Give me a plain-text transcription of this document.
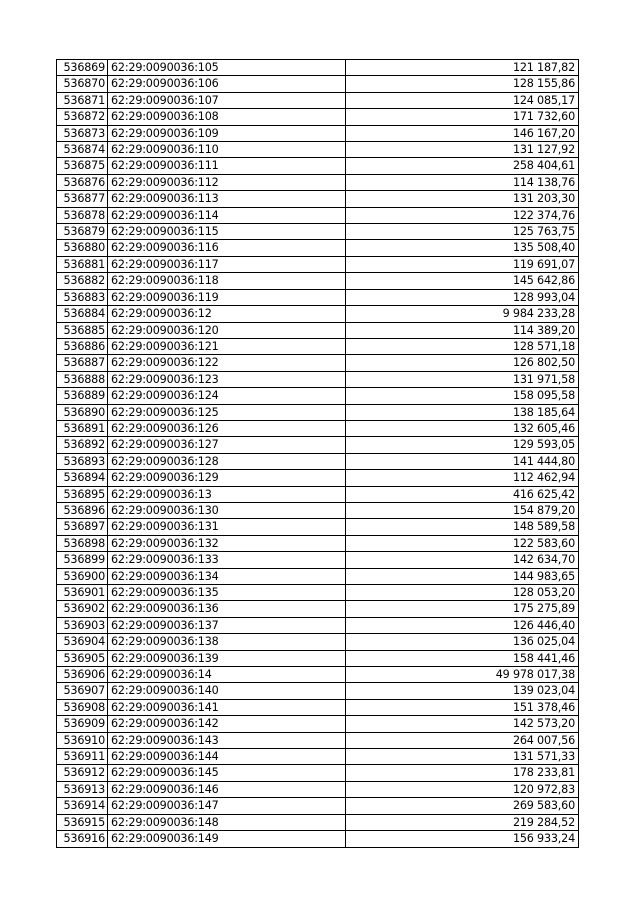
536869	62:29:0090036:105	121 187,82
536870	62:29:0090036:106	128 155,86
536871	62:29:0090036:107	124 085,17
536872	62:29:0090036:108	171 732,60
536873	62:29:0090036:109	146 167,20
536874	62:29:0090036:110	131 127,92
536875	62:29:0090036:111	258 404,61
536876	62:29:0090036:112	114 138,76
536877	62:29:0090036:113	131 203,30
536878	62:29:0090036:114	122 374,76
536879	62:29:0090036:115	125 763,75
536880	62:29:0090036:116	135 508,40
536881	62:29:0090036:117	119 691,07
536882	62:29:0090036:118	145 642,86
536883	62:29:0090036:119	128 993,04
536884	62:29:0090036:12	9 984 233,28
536885	62:29:0090036:120	114 389,20
536886	62:29:0090036:121	128 571,18
536887	62:29:0090036:122	126 802,50
536888	62:29:0090036:123	131 971,58
536889	62:29:0090036:124	158 095,58
536890	62:29:0090036:125	138 185,64
536891	62:29:0090036:126	132 605,46
536892	62:29:0090036:127	129 593,05
536893	62:29:0090036:128	141 444,80
536894	62:29:0090036:129	112 462,94
536895	62:29:0090036:13	416 625,42
536896	62:29:0090036:130	154 879,20
536897	62:29:0090036:131	148 589,58
536898	62:29:0090036:132	122 583,60
536899	62:29:0090036:133	142 634,70
536900	62:29:0090036:134	144 983,65
536901	62:29:0090036:135	128 053,20
536902	62:29:0090036:136	175 275,89
536903	62:29:0090036:137	126 446,40
536904	62:29:0090036:138	136 025,04
536905	62:29:0090036:139	158 441,46
536906	62:29:0090036:14	49 978 017,38
536907	62:29:0090036:140	139 023,04
536908	62:29:0090036:141	151 378,46
536909	62:29:0090036:142	142 573,20
536910	62:29:0090036:143	264 007,56
536911	62:29:0090036:144	131 571,33
536912	62:29:0090036:145	178 233,81
536913	62:29:0090036:146	120 972,83
536914	62:29:0090036:147	269 583,60
536915	62:29:0090036:148	219 284,52
536916	62:29:0090036:149	156 933,24
